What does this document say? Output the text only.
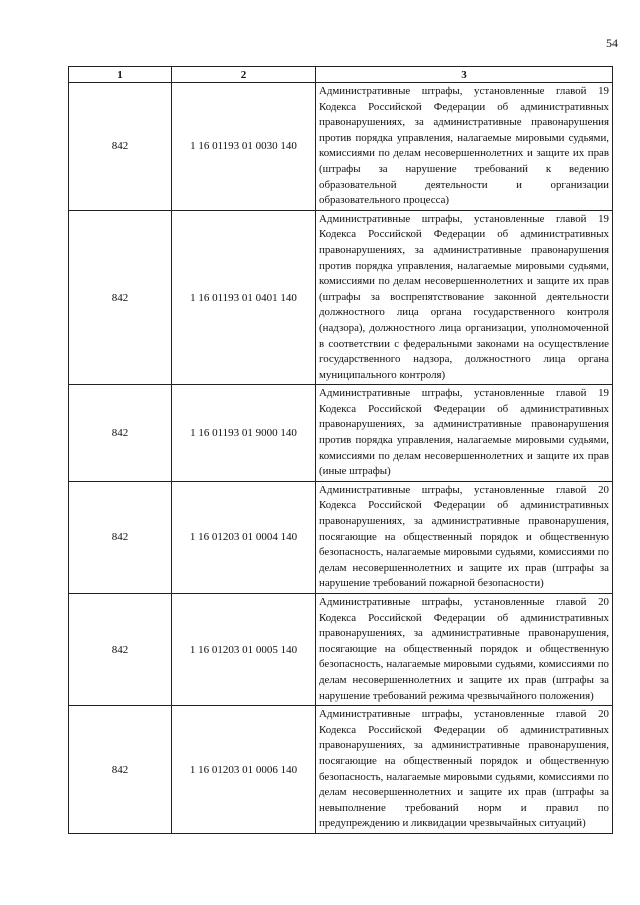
54
1	2	3
842	1 16 01193 01 0030 140	Административные штрафы, установленные главой 19 Кодекса Российской Федерации об административных правонарушениях, за административные правонарушения против порядка управления, налагаемые мировыми судьями, комиссиями по делам несовершеннолетних и защите их прав (штрафы за нарушение требований к ведению образовательной деятельности и организации образовательного процесса)
842	1 16 01193 01 0401 140	Административные штрафы, установленные главой 19 Кодекса Российской Федерации об административных правонарушениях, за административные правонарушения против порядка управления, налагаемые мировыми судьями, комиссиями по делам несовершеннолетних и защите их прав (штрафы за воспрепятствование законной деятельности должностного лица органа государственного контроля (надзора), должностного лица организации, уполномоченной в соответствии с федеральными законами на осуществление государственного надзора, должностного лица органа муниципального контроля)
842	1 16 01193 01 9000 140	Административные штрафы, установленные главой 19 Кодекса Российской Федерации об административных правонарушениях, за административные правонарушения против порядка управления, налагаемые мировыми судьями, комиссиями по делам несовершеннолетних и защите их прав (иные штрафы)
842	1 16 01203 01 0004 140	Административные штрафы, установленные главой 20 Кодекса Российской Федерации об административных правонарушениях, за административные правонарушения, посягающие на общественный порядок и общественную безопасность, налагаемые мировыми судьями, комиссиями по делам несовершеннолетних и защите их прав (штрафы за нарушение требований пожарной безопасности)
842	1 16 01203 01 0005 140	Административные штрафы, установленные главой 20 Кодекса Российской Федерации об административных правонарушениях, за административные правонарушения, посягающие на общественный порядок и общественную безопасность, налагаемые мировыми судьями, комиссиями по делам несовершеннолетних и защите их прав (штрафы за нарушение требований режима чрезвычайного положения)
842	1 16 01203 01 0006 140	Административные штрафы, установленные главой 20 Кодекса Российской Федерации об административных правонарушениях, за административные правонарушения, посягающие на общественный порядок и общественную безопасность, налагаемые мировыми судьями, комиссиями по делам несовершеннолетних и защите их прав (штрафы за невыполнение требований норм и правил по предупреждению и ликвидации чрезвычайных ситуаций)
